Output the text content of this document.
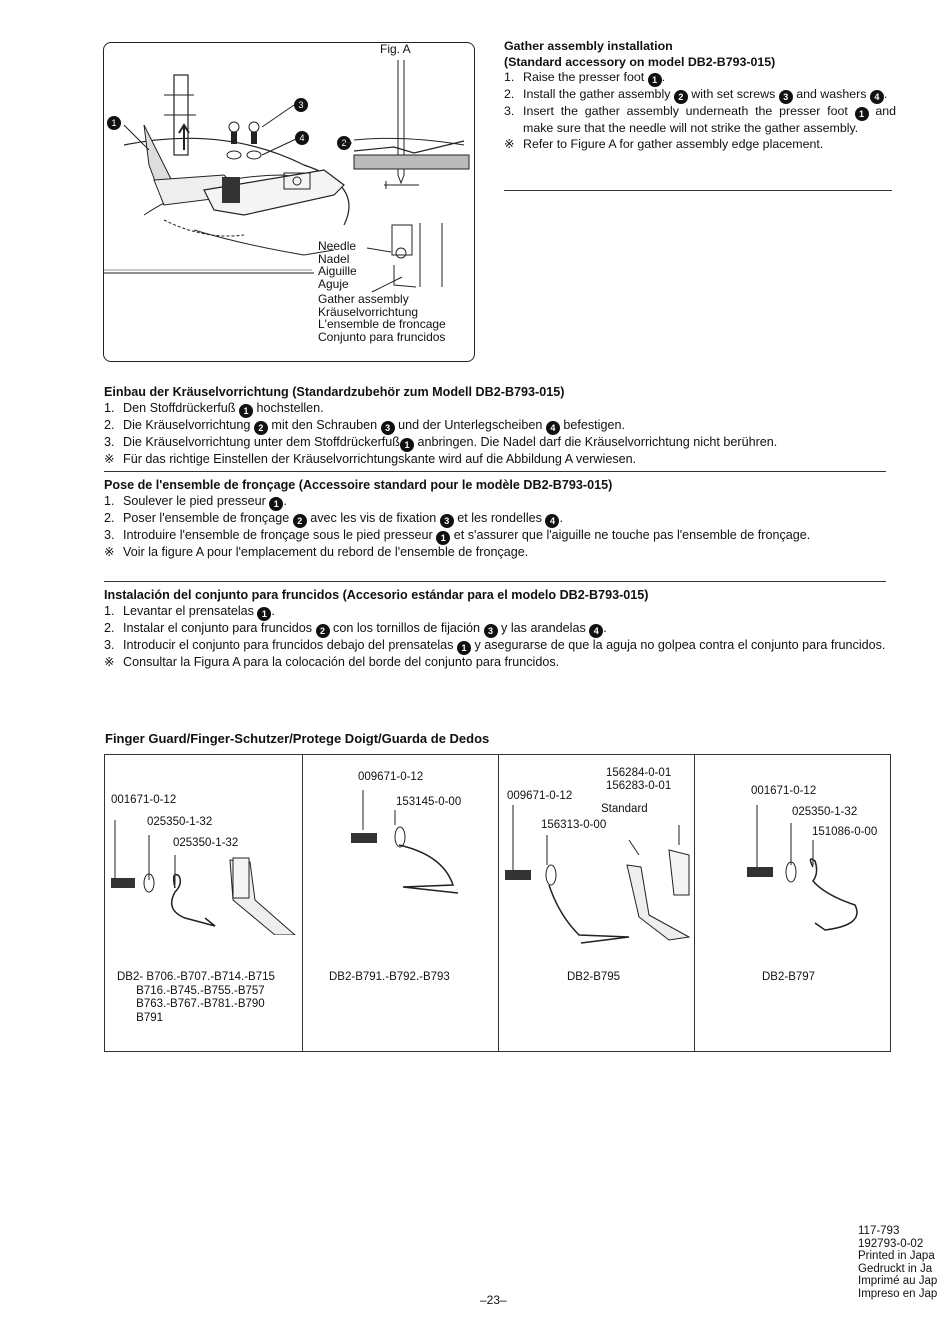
Fig. A
1
3
4	2
Needle
Nadel
Aiguille
Aguje
Gather assembly
Kräuselvorrichtung
L'ensemble de froncage
Conjunto para fruncidos
Gather assembly installation
(Standard accessory on model DB2-B793-015)
1. Raise the presser foot 1 .
2. Install the gather assembly 2 with set screws 3 and washers 4 .
3. Insert the gather assembly underneath the presser foot 1 and make sure that the needle will not strike the gather assembly.
※ Refer to Figure A for gather assembly edge placement.
Einbau der Kräuselvorrichtung (Standardzubehör zum Modell DB2-B793-015)
1. Den Stoffdrückerfuß 1 hochstellen.
2. Die Kräuselvorrichtung 2 mit den Schrauben 3 und der Unterlegscheiben 4 befestigen.
3. Die Kräuselvorrichtung unter dem Stoffdrückerfuß 1 anbringen. Die Nadel darf die Kräuselvorrichtung nicht berühren.
※ Für das richtige Einstellen der Kräuselvorrichtungskante wird auf die Abbildung A verwiesen.
Pose de l'ensemble de fronçage (Accessoire standard pour le modèle DB2-B793-015)
1. Soulever le pied presseur 1 .
2. Poser l'ensemble de fronçage 2 avec les vis de fixation 3 et les rondelles 4 .
3. Introduire l'ensemble de fronçage sous le pied presseur 1 et s'assurer que l'aiguille ne touche pas l'ensemble de fronçage.
※ Voir la figure A pour l'emplacement du rebord de l'ensemble de fronçage.
Instalación del conjunto para fruncidos (Accesorio estándar para el modelo DB2-B793-015)
1. Levantar el prensatelas 1 .
2. Instalar el conjunto para fruncidos 2 con los tornillos de fijación 3 y las arandelas 4 .
3. Introducir el conjunto para fruncidos debajo del prensatelas 1 y asegurarse de que la aguja no golpea contra el conjunto para fruncidos.
※ Consultar la Figura A para la colocación del borde del conjunto para fruncidos.
Finger Guard/Finger-Schutzer/Protege Doigt/Guarda de Dedos
001671-0-12
025350-1-32
025350-1-32
DB2- B706.-B707.-B714.-B715
B716.-B745.-B755.-B757
B763.-B767.-B781.-B790
B791
009671-0-12
153145-0-00
DB2-B791.-B792.-B793
156284-0-01
156283-0-01
009671-0-12
Standard
156313-0-00
DB2-B795
001671-0-12
025350-1-32
151086-0-00
DB2-B797
117-793
192793-0-02
Printed in Japa
Gedruckt in Ja
Imprimé au Jap
Impreso en Jap
–23–
